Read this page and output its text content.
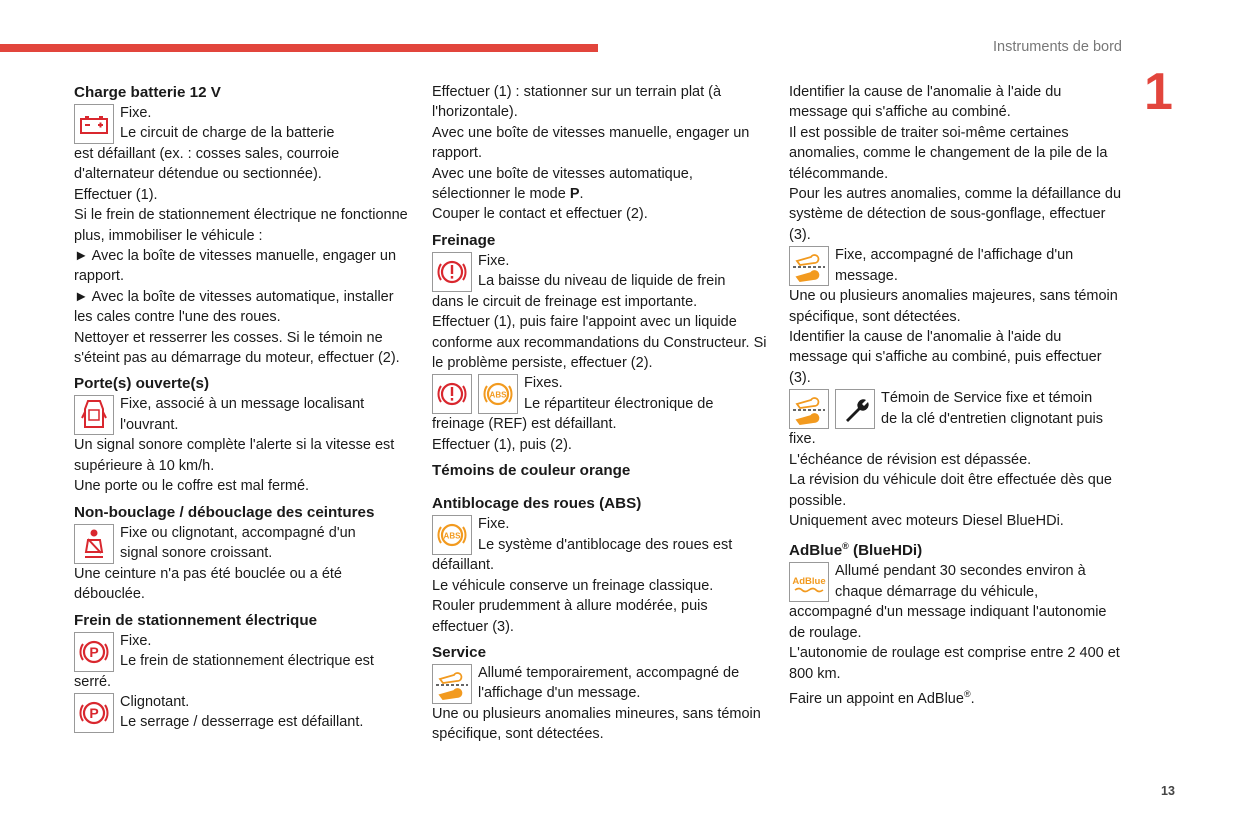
Instruments de bord
1

Charge batterie 12 V

Fixe.

Le circuit de charge de la batterie

est défaillant (ex. : cosses sales, courroie d'alternateur détendue ou sectionnée).

Effectuer (1).

Si le frein de stationnement électrique ne fonctionne plus, immobiliser le véhicule :

► Avec la boîte de vitesses manuelle, engager un rapport.

► Avec la boîte de vitesses automatique, installer les cales contre l'une des roues.

Nettoyer et resserrer les cosses. Si le témoin ne s'éteint pas au démarrage du moteur, effectuer (2).

Porte(s) ouverte(s)

Fixe, associé à un message localisant

l'ouvrant.

Un signal sonore complète l'alerte si la vitesse est supérieure à 10 km/h.

Une porte ou le coffre est mal fermé.

Non-bouclage / débouclage des ceintures

Fixe ou clignotant, accompagné d'un

signal sonore croissant.

Une ceinture n'a pas été bouclée ou a été débouclée.

Frein de stationnement électrique

P

Fixe.

Le frein de stationnement électrique est

serré.

P

Clignotant.

Le serrage / desserrage est défaillant.

Effectuer (1) : stationner sur un terrain plat (à l'horizontale).

Avec une boîte de vitesses manuelle, engager un rapport.

Avec une boîte de vitesses automatique, sélectionner le mode P.

Couper le contact et effectuer (2).

Freinage

Fixe.

La baisse du niveau de liquide de frein

dans le circuit de freinage est importante.

Effectuer (1), puis faire l'appoint avec un liquide conforme aux recommandations du Constructeur. Si le problème persiste, effectuer (2).

ABS

Fixes.

Le répartiteur électronique de

freinage (REF) est défaillant.

Effectuer (1), puis (2).

Témoins de couleur orange

Antiblocage des roues (ABS)

ABS

Fixe.

Le système d'antiblocage des roues est

défaillant.

Le véhicule conserve un freinage classique.

Rouler prudemment à allure modérée, puis effectuer (3).

Service

Allumé temporairement, accompagné de

l'affichage d'un message.

Une ou plusieurs anomalies mineures, sans témoin spécifique, sont détectées.

Identifier la cause de l'anomalie à l'aide du message qui s'affiche au combiné.

Il est possible de traiter soi-même certaines anomalies, comme le changement de la pile de la télécommande.

Pour les autres anomalies, comme la défaillance du système de détection de sous-gonflage, effectuer (3).

Fixe, accompagné de l'affichage d'un

message.

Une ou plusieurs anomalies majeures, sans témoin spécifique, sont détectées.

Identifier la cause de l'anomalie à l'aide du message qui s'affiche au combiné, puis effectuer (3).

Témoin de Service fixe et témoin

de la clé d'entretien clignotant puis

fixe.

L'échéance de révision est dépassée.

La révision du véhicule doit être effectuée dès que possible.

Uniquement avec moteurs Diesel BlueHDi.

AdBlue® (BlueHDi)

AdBlue

Allumé pendant 30 secondes environ à

chaque démarrage du véhicule,

accompagné d'un message indiquant l'autonomie de roulage.

L'autonomie de roulage est comprise entre 2 400 et 800 km.

Faire un appoint en AdBlue®.

13
